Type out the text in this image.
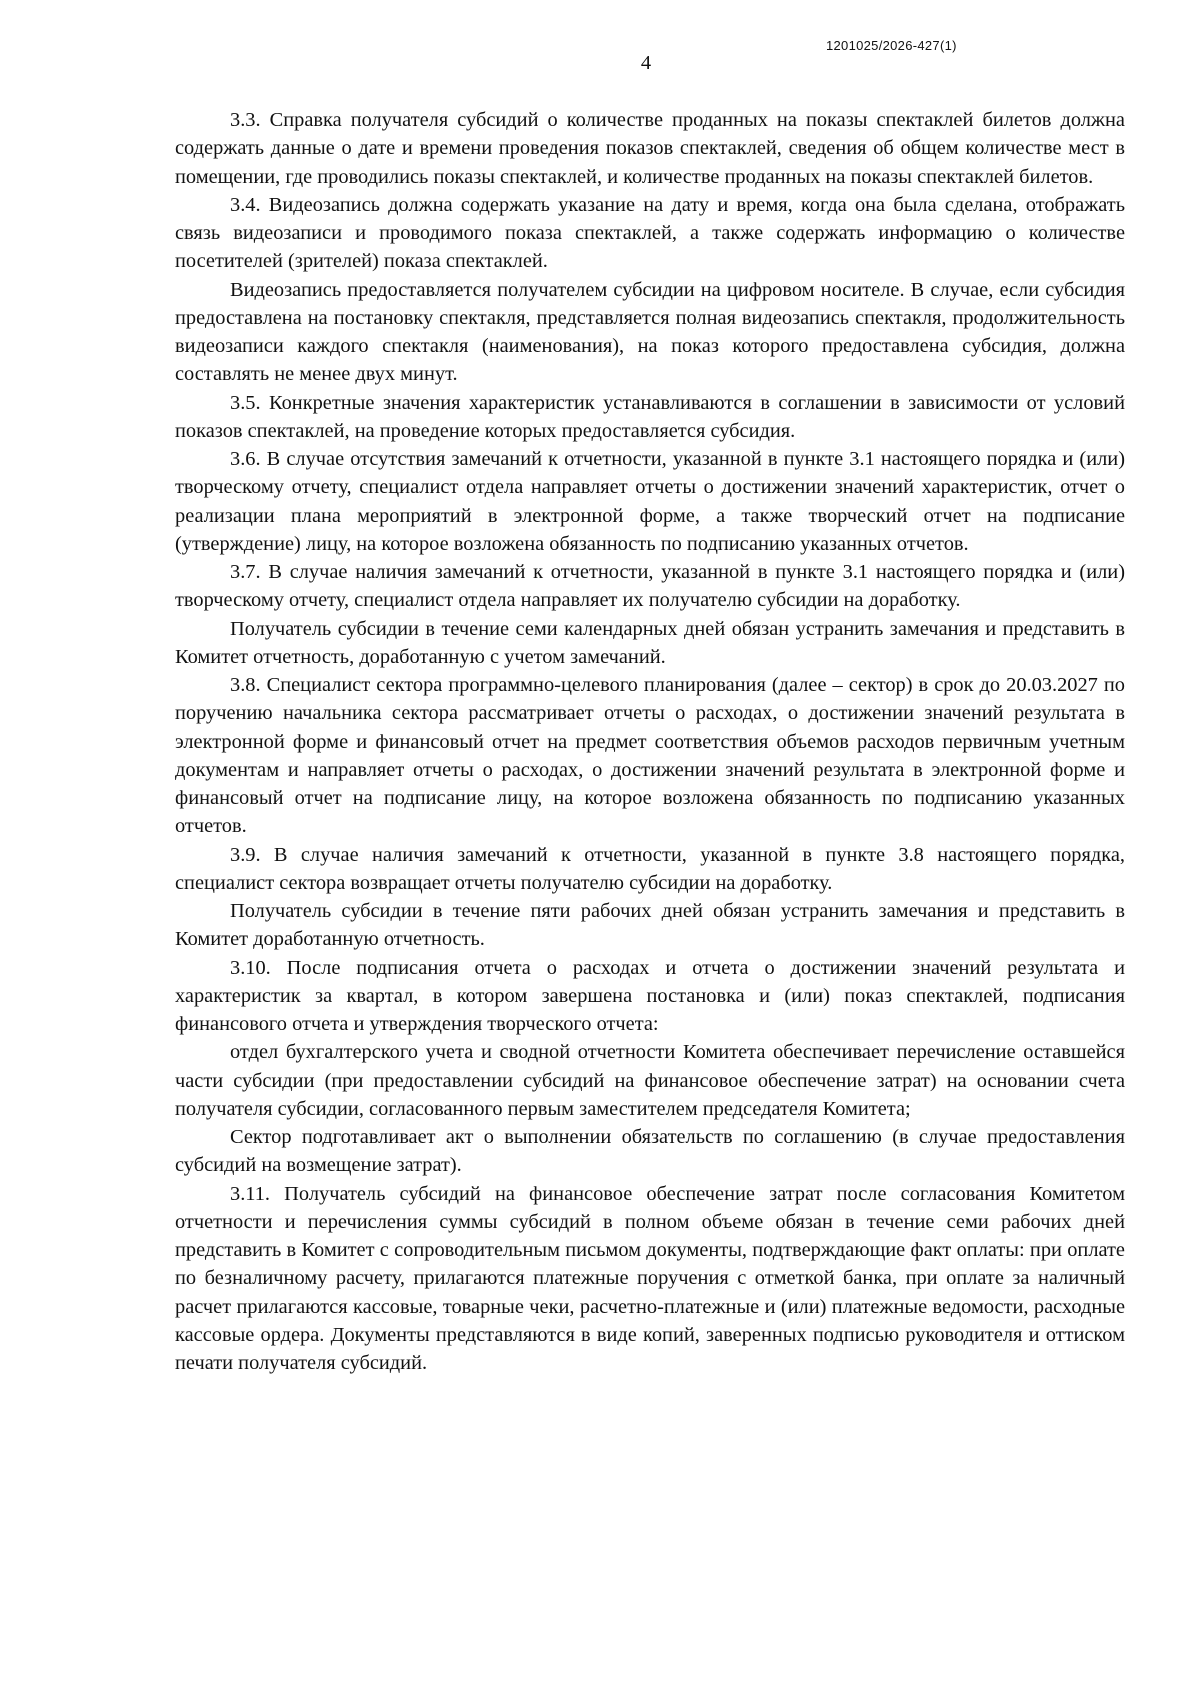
1201025/2026-427(1)
4

3.3. Справка получателя субсидий о количестве проданных на показы спектаклей билетов должна содержать данные о дате и времени проведения показов спектаклей, сведения об общем количестве мест в помещении, где проводились показы спектаклей, и количестве проданных на показы спектаклей билетов.

3.4. Видеозапись должна содержать указание на дату и время, когда она была сделана, отображать связь видеозаписи и проводимого показа спектаклей, а также содержать информацию о количестве посетителей (зрителей) показа спектаклей.

Видеозапись предоставляется получателем субсидии на цифровом носителе. В случае, если субсидия предоставлена на постановку спектакля, представляется полная видеозапись спектакля, продолжительность видеозаписи каждого спектакля (наименования), на показ которого предоставлена субсидия, должна составлять не менее двух минут.

3.5. Конкретные значения характеристик устанавливаются в соглашении в зависимости от условий показов спектаклей, на проведение которых предоставляется субсидия.

3.6. В случае отсутствия замечаний к отчетности, указанной в пункте 3.1 настоящего порядка и (или) творческому отчету, специалист отдела направляет отчеты о достижении значений характеристик, отчет о реализации плана мероприятий в электронной форме, а также творческий отчет на подписание (утверждение) лицу, на которое возложена обязанность по подписанию указанных отчетов.

3.7. В случае наличия замечаний к отчетности, указанной в пункте 3.1 настоящего порядка и (или) творческому отчету, специалист отдела направляет их получателю субсидии на доработку.

Получатель субсидии в течение семи календарных дней обязан устранить замечания и представить в Комитет отчетность, доработанную с учетом замечаний.

3.8. Специалист сектора программно-целевого планирования (далее – сектор) в срок до 20.03.2027 по поручению начальника сектора рассматривает отчеты о расходах, о достижении значений результата в электронной форме и финансовый отчет на предмет соответствия объемов расходов первичным учетным документам и направляет отчеты о расходах, о достижении значений результата в электронной форме и финансовый отчет на подписание лицу, на которое возложена обязанность по подписанию указанных отчетов.

3.9. В случае наличия замечаний к отчетности, указанной в пункте 3.8 настоящего порядка, специалист сектора возвращает отчеты получателю субсидии на доработку.

Получатель субсидии в течение пяти рабочих дней обязан устранить замечания и представить в Комитет доработанную отчетность.

3.10. После подписания отчета о расходах и отчета о достижении значений результата и характеристик за квартал, в котором завершена постановка и (или) показ спектаклей, подписания финансового отчета и утверждения творческого отчета:

отдел бухгалтерского учета и сводной отчетности Комитета обеспечивает перечисление оставшейся части субсидии (при предоставлении субсидий на финансовое обеспечение затрат) на основании счета получателя субсидии, согласованного первым заместителем председателя Комитета;

Сектор подготавливает акт о выполнении обязательств по соглашению (в случае предоставления субсидий на возмещение затрат).

3.11. Получатель субсидий на финансовое обеспечение затрат после согласования Комитетом отчетности и перечисления суммы субсидий в полном объеме обязан в течение семи рабочих дней представить в Комитет с сопроводительным письмом документы, подтверждающие факт оплаты: при оплате по безналичному расчету, прилагаются платежные поручения с отметкой банка, при оплате за наличный расчет прилагаются кассовые, товарные чеки, расчетно-платежные и (или) платежные ведомости, расходные кассовые ордера. Документы представляются в виде копий, заверенных подписью руководителя и оттиском печати получателя субсидий.
